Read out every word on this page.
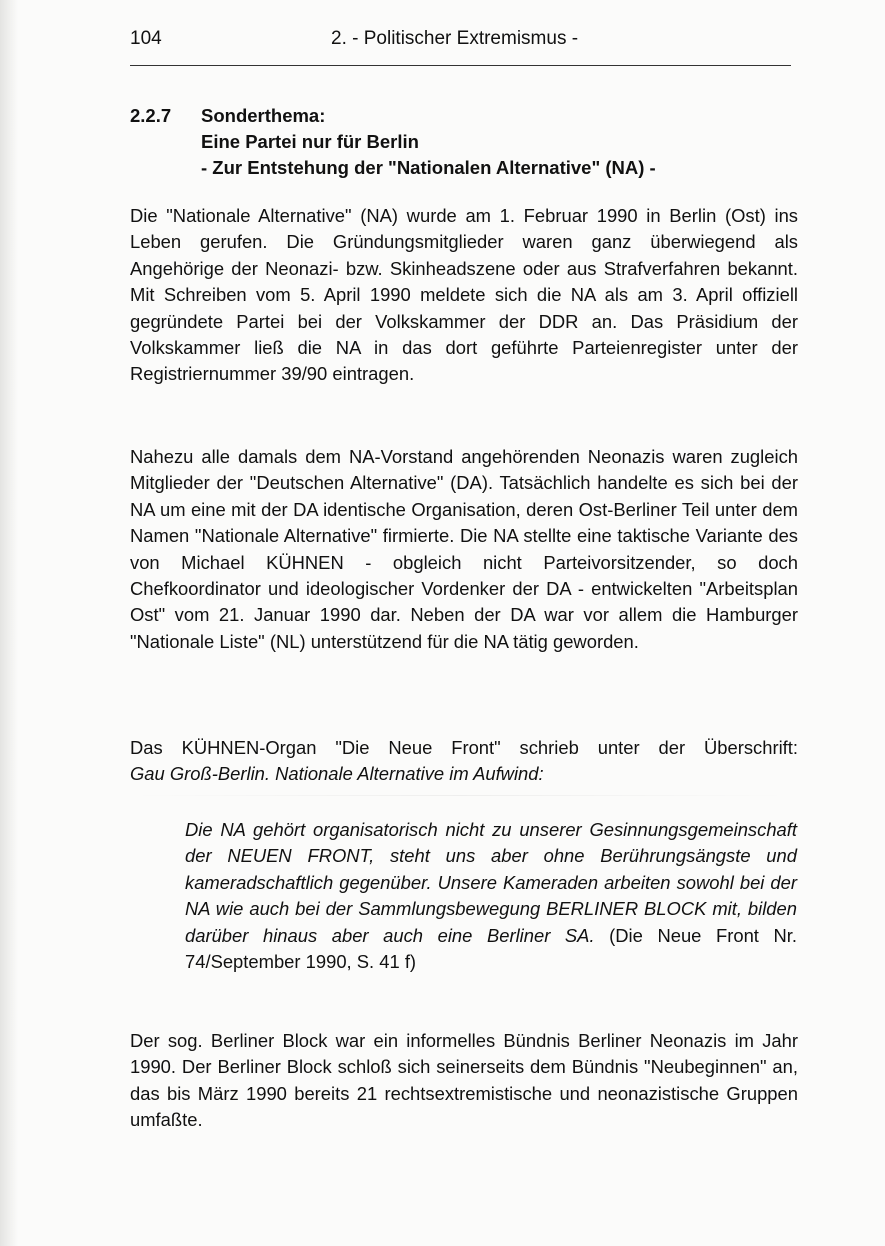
104	2. - Politischer Extremismus -
2.2.7 Sonderthema:
Eine Partei nur für Berlin
- Zur Entstehung der "Nationalen Alternative" (NA) -

Die "Nationale Alternative" (NA) wurde am 1. Februar 1990 in Berlin (Ost) ins Leben gerufen. Die Gründungsmitglieder waren ganz überwiegend als Angehörige der Neonazi- bzw. Skinheadszene oder aus Strafverfahren bekannt. Mit Schreiben vom 5. April 1990 meldete sich die NA als am 3. April offiziell gegründete Partei bei der Volkskammer der DDR an. Das Präsidium der Volkskammer ließ die NA in das dort geführte Parteienregister unter der Registriernummer 39/90 eintragen.

Nahezu alle damals dem NA-Vorstand angehörenden Neonazis waren zugleich Mitglieder der "Deutschen Alternative" (DA). Tatsächlich handelte es sich bei der NA um eine mit der DA identische Organisation, deren Ost-Berliner Teil unter dem Namen "Nationale Alternative" firmierte. Die NA stellte eine taktische Variante des von Michael KÜHNEN - obgleich nicht Parteivorsitzender, so doch Chefkoordinator und ideologischer Vordenker der DA - entwickelten "Arbeitsplan Ost" vom 21. Januar 1990 dar. Neben der DA war vor allem die Hamburger "Nationale Liste" (NL) unterstützend für die NA tätig geworden.

Das KÜHNEN-Organ "Die Neue Front" schrieb unter der Überschrift:
Gau Groß-Berlin. Nationale Alternative im Aufwind:

Die NA gehört organisatorisch nicht zu unserer Gesinnungsgemeinschaft der NEUEN FRONT, steht uns aber ohne Berührungsängste und kameradschaftlich gegenüber. Unsere Kameraden arbeiten sowohl bei der NA wie auch bei der Sammlungsbewegung BERLINER BLOCK mit, bilden darüber hinaus aber auch eine Berliner SA. (Die Neue Front Nr. 74/September 1990, S. 41 f)

Der sog. Berliner Block war ein informelles Bündnis Berliner Neonazis im Jahr 1990. Der Berliner Block schloß sich seinerseits dem Bündnis "Neubeginnen" an, das bis März 1990 bereits 21 rechtsextremistische und neonazistische Gruppen umfaßte.
